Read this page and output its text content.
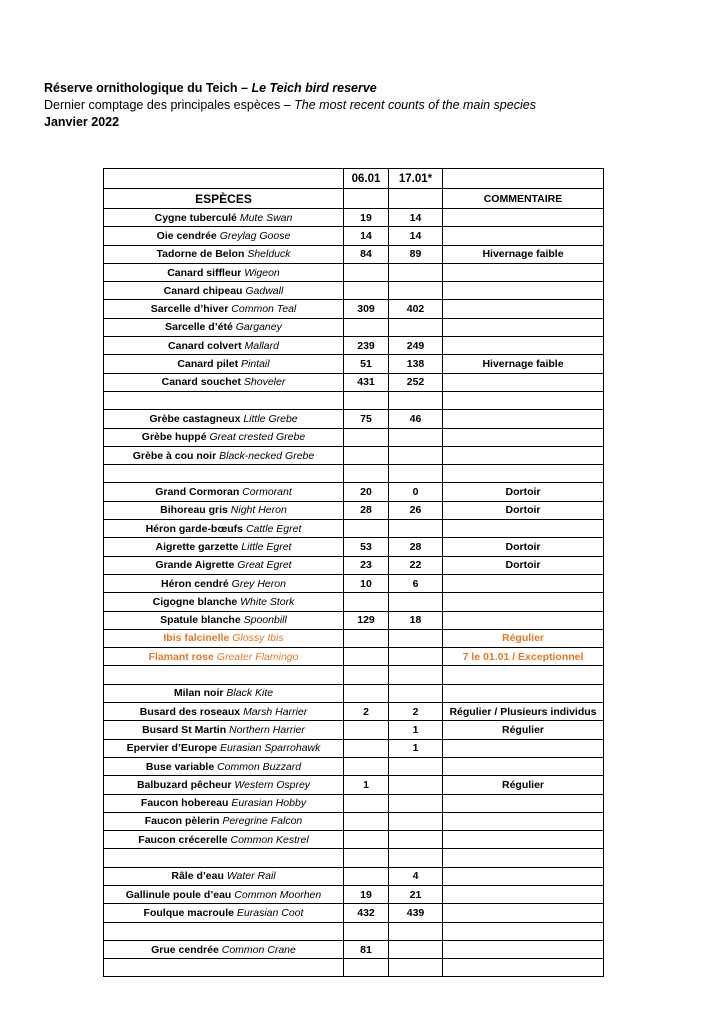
Réserve ornithologique du Teich – Le Teich bird reserve
Dernier comptage des principales espèces – The most recent counts of the main species
Janvier 2022
	06.01	17.01*	
ESPÈCES			COMMENTAIRE
Cygne tuberculé Mute Swan	19	14	
Oie cendrée Greylag Goose	14	14	
Tadorne de Belon Shelduck	84	89	Hivernage faible
Canard siffleur Wigeon			
Canard chipeau Gadwall			
Sarcelle d’hiver Common Teal	309	402	
Sarcelle d’été Garganey			
Canard colvert Mallard	239	249	
Canard pilet Pintail	51	138	Hivernage faible
Canard souchet Shoveler	431	252	

Grèbe castagneux Little Grebe	75	46	
Grèbe huppé Great crested Grebe			
Grèbe à cou noir Black-necked Grebe			

Grand Cormoran Cormorant	20	0	Dortoir
Bihoreau gris Night Heron	28	26	Dortoir
Héron garde-bœufs Cattle Egret			
Aigrette garzette Little Egret	53	28	Dortoir
Grande Aigrette Great Egret	23	22	Dortoir
Héron cendré Grey Heron	10	6	
Cigogne blanche White Stork			
Spatule blanche Spoonbill	129	18	
Ibis falcinelle Glossy Ibis			Régulier
Flamant rose Greater Flamingo			7 le 01.01 / Exceptionnel

Milan noir Black Kite			
Busard des roseaux Marsh Harrier	2	2	Régulier / Plusieurs individus
Busard St Martin Northern Harrier		1	Régulier
Epervier d’Europe Eurasian Sparrohawk		1	
Buse variable Common Buzzard			
Balbuzard pêcheur Western Osprey	1		Régulier
Faucon hobereau Eurasian Hobby			
Faucon pèlerin Peregrine Falcon			
Faucon crécerelle Common Kestrel			

Râle d’eau Water Rail		4	
Gallinule poule d’eau Common Moorhen	19	21	
Foulque macroule Eurasian Coot	432	439	

Grue cendrée Common Crane	81		
